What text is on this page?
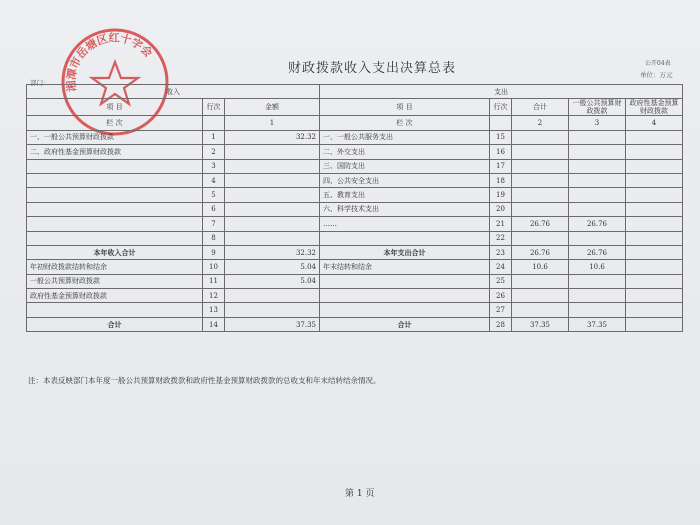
湘潭市岳塘区红十字会
财政拨款收入支出决算总表	公开04表
单位：万元
部门：
收入			支出				
项 目	行次	金额	项 目	行次	合计	一般公共预算财政拨款	政府性基金预算财政拨款
栏 次		1	栏 次		2	3	4
一、一般公共预算财政拨款	1	32.32	一、一般公共服务支出	15			
二、政府性基金预算财政拨款	2		二、外交支出	16			
	3		三、国防支出	17			
	4		四、公共安全支出	18			
	5		五、教育支出	19			
	6		六、科学技术支出	20			
	7		……	21	26.76	26.76	
	8			22			
本年收入合计	9	32.32	本年支出合计	23	26.76	26.76	
年初财政拨款结转和结余	10	5.04	年末结转和结余	24	10.6	10.6	
一般公共预算财政拨款	11	5.04		25			
政府性基金预算财政拨款	12			26			
	13			27			
合计	14	37.35	合计	28	37.35	37.35	
注：本表反映部门本年度一般公共预算财政拨款和政府性基金预算财政拨款的总收支和年末结转结余情况。
第 1 页
